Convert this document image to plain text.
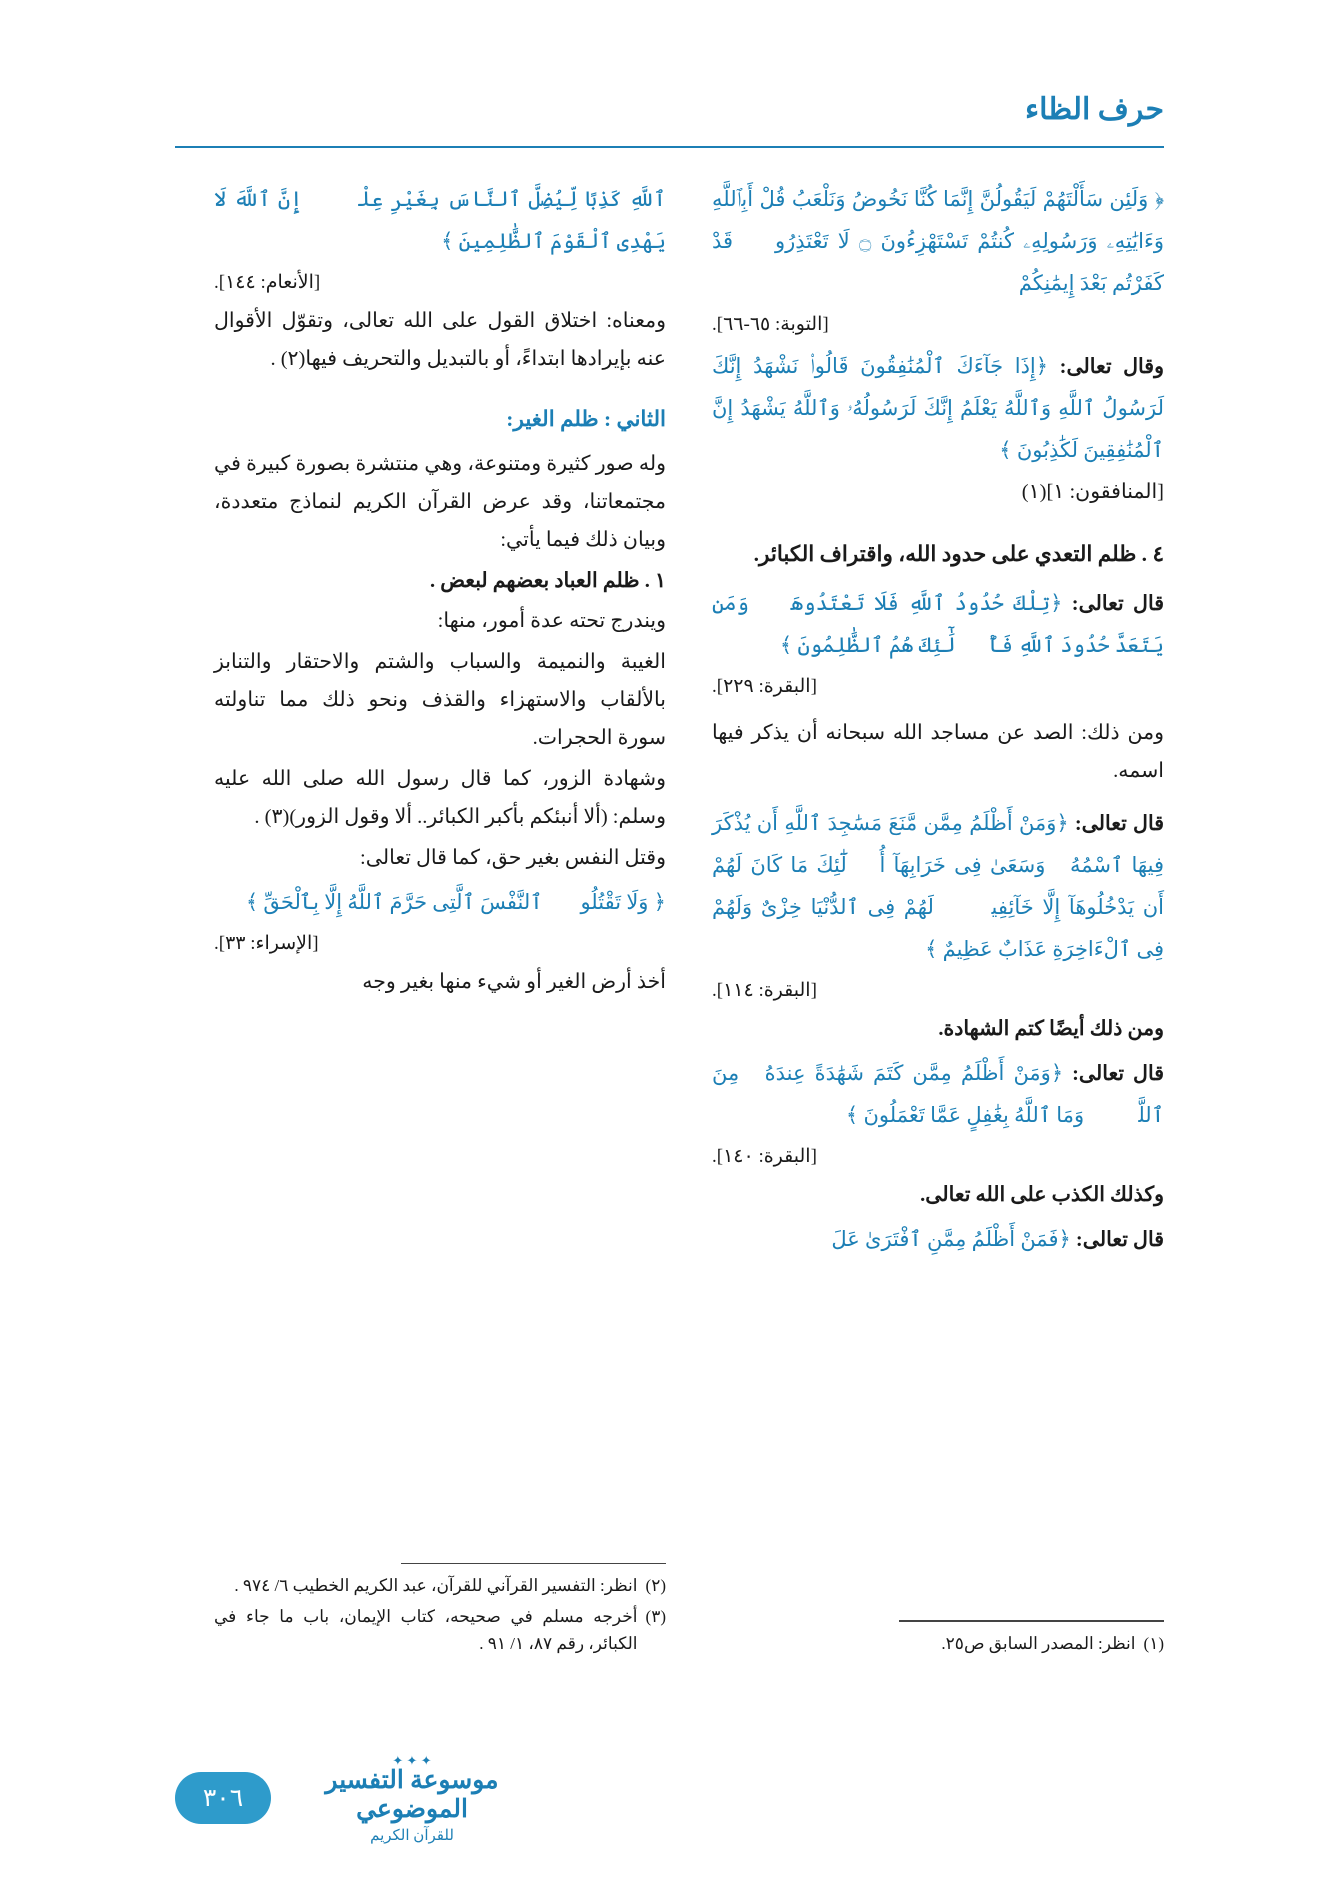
حرف الظاء

﴿ وَلَئِن سَأَلْتَهُمْ لَيَقُولُنَّ إِنَّمَا كُنَّا نَخُوضُ وَنَلْعَبُ قُلْ أَبِٱللَّهِ وَءَايَٰتِهِۦ وَرَسُولِهِۦ كُنتُمْ تَسْتَهْزِءُونَ ۝ لَا تَعْتَذِرُوا۟ قَدْ كَفَرْتُم بَعْدَ إِيمَٰنِكُمْ ﴾

[التوبة: ٦٥-٦٦].

وقال تعالى: ﴿إِذَا جَآءَكَ ٱلْمُنَٰفِقُونَ قَالُوا۟ نَشْهَدُ إِنَّكَ لَرَسُولُ ٱللَّهِ وَٱللَّهُ يَعْلَمُ إِنَّكَ لَرَسُولُهُۥ وَٱللَّهُ يَشْهَدُ إِنَّ ٱلْمُنَٰفِقِينَ لَكَٰذِبُونَ ﴾

[المنافقون: ١](١)

٤ . ظلم التعدي على حدود الله، واقتراف الكبائر.

قال تعالى: ﴿تِلْكَ حُدُودُ ٱللَّهِ فَلَا تَعْتَدُوهَاۚ وَمَن يَتَعَدَّ حُدُودَ ٱللَّهِ فَأُو۟لَٰٓئِكَ هُمُ ٱلظَّٰلِمُونَ ﴾

[البقرة: ٢٢٩].

ومن ذلك: الصد عن مساجد الله سبحانه أن يذكر فيها اسمه.

قال تعالى: ﴿وَمَنْ أَظْلَمُ مِمَّن مَّنَعَ مَسَٰجِدَ ٱللَّهِ أَن يُذْكَرَ فِيهَا ٱسْمُهُۥ وَسَعَىٰ فِى خَرَابِهَآ أُو۟لَٰٓئِكَ مَا كَانَ لَهُمْ أَن يَدْخُلُوهَآ إِلَّا خَآئِفِينَۚ لَهُمْ فِى ٱلدُّنْيَا خِزْىٌ وَلَهُمْ فِى ٱلْءَاخِرَةِ عَذَابٌ عَظِيمٌ ﴾

[البقرة: ١١٤].

ومن ذلك أيضًا كتم الشهادة.

قال تعالى: ﴿وَمَنْ أَظْلَمُ مِمَّن كَتَمَ شَهَٰدَةً عِندَهُۥ مِنَ ٱللَّهِۗ وَمَا ٱللَّهُ بِغَٰفِلٍ عَمَّا تَعْمَلُونَ ﴾

[البقرة: ١٤٠].

وكذلك الكذب على الله تعالى.

قال تعالى: ﴿فَمَنْ أَظْلَمُ مِمَّنِ ٱفْتَرَىٰ عَلَ

(١)
انظر: المصدر السابق ص٢٥.

ٱللَّهِ كَذِبًا لِّيُضِلَّ ٱلنَّاسَ بِغَيْرِ عِلْمٍۗ إِنَّ ٱللَّهَ لَا يَهْدِى ٱلْقَوْمَ ٱلظَّٰلِمِينَ ﴾

[الأنعام: ١٤٤].

ومعناه: اختلاق القول على الله تعالى، وتقوّل الأقوال عنه بإيرادها ابتداءً، أو بالتبديل والتحريف فيها(٢) .

الثاني : ظلم الغير:

وله صور كثيرة ومتنوعة، وهي منتشرة بصورة كبيرة في مجتمعاتنا، وقد عرض القرآن الكريم لنماذج متعددة، وبيان ذلك فيما يأتي:

١ . ظلم العباد بعضهم لبعض .

ويندرج تحته عدة أمور، منها:

الغيبة والنميمة والسباب والشتم والاحتقار والتنابز بالألقاب والاستهزاء والقذف ونحو ذلك مما تناولته سورة الحجرات.

وشهادة الزور، كما قال رسول الله صلى الله عليه وسلم: (ألا أنبئكم بأكبر الكبائر.. ألا وقول الزور)(٣) .

وقتل النفس بغير حق، كما قال تعالى:

﴿ وَلَا تَقْتُلُوا۟ ٱلنَّفْسَ ٱلَّتِى حَرَّمَ ٱللَّهُ إِلَّا بِٱلْحَقِّ ﴾

[الإسراء: ٣٣].

أخذ أرض الغير أو شيء منها بغير وجه

(٢)
انظر: التفسير القرآني للقرآن، عبد الكريم الخطيب ٦/ ٩٧٤ .
(٣)
أخرجه مسلم في صحيحه، كتاب الإيمان، باب ما جاء في الكبائر، رقم ٨٧، ١/ ٩١ .
٣٠٦
✦ ✦ ✦
موسوعة التفسير الموضوعي
للقرآن الكريم
